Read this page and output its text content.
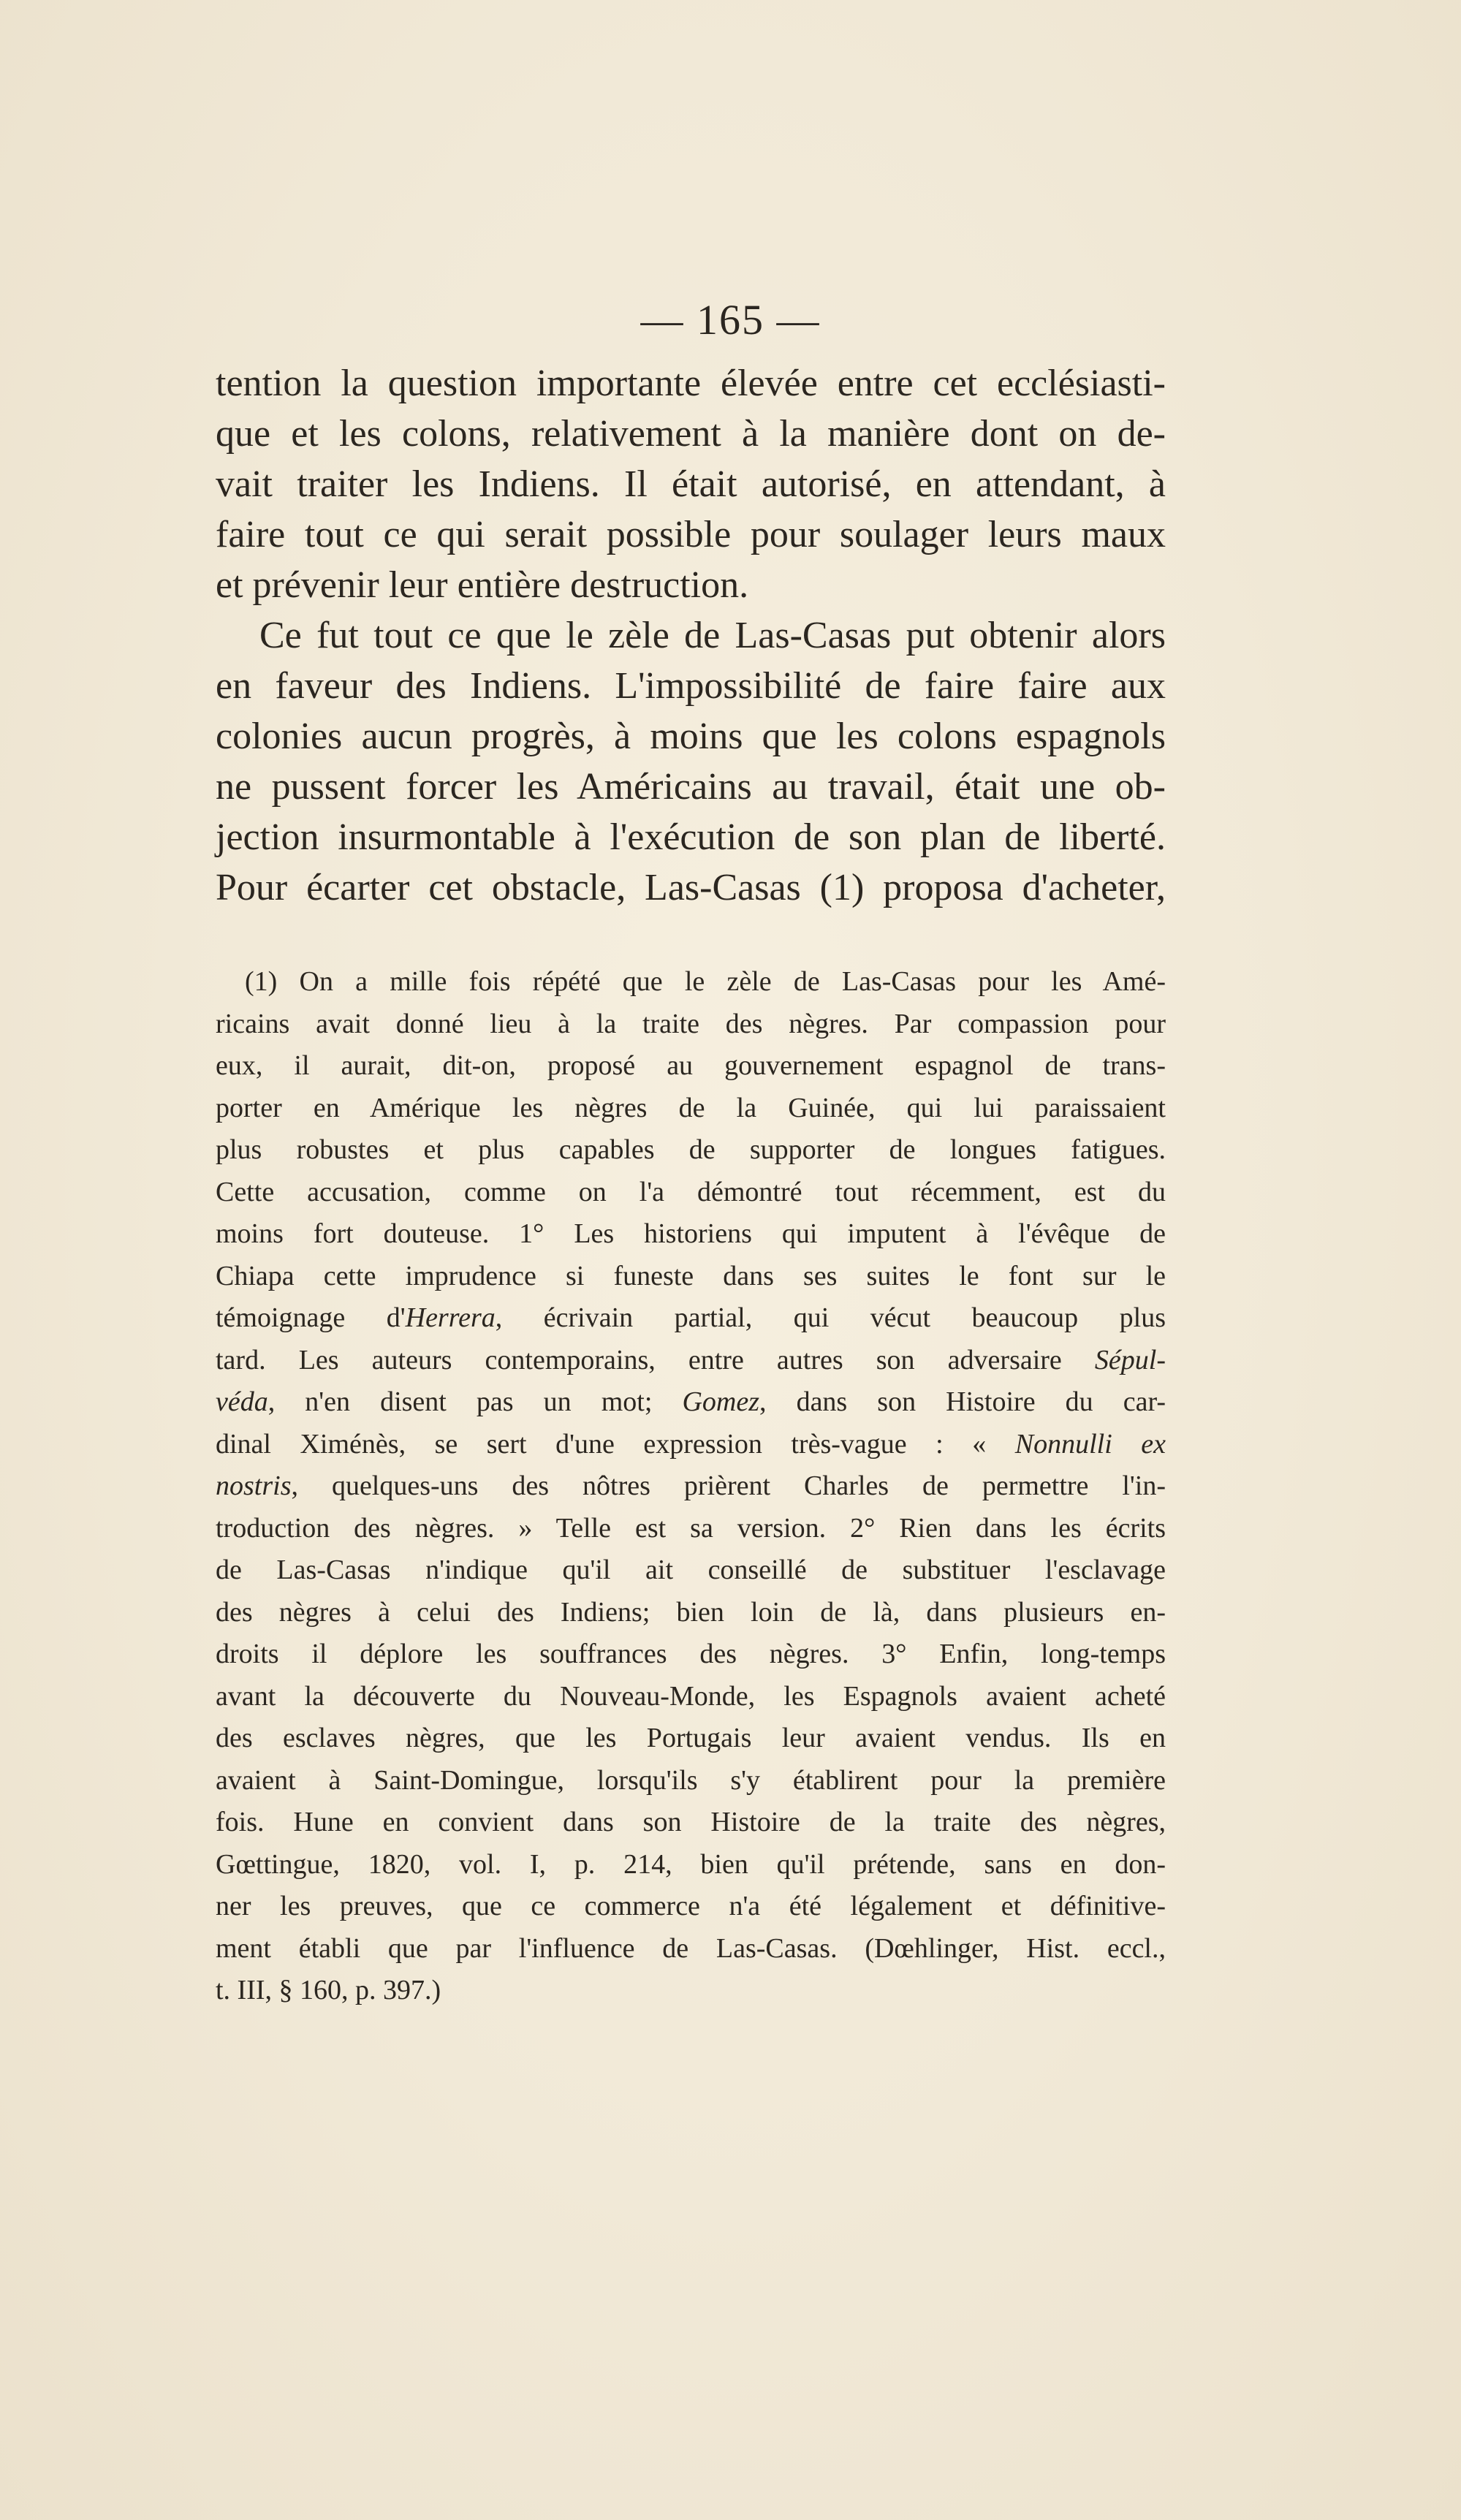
— 165 —
tention la question importante élevée entre cet ecclésiasti-
que et les colons, relativement à la manière dont on de-
vait traiter les Indiens. Il était autorisé, en attendant, à
faire tout ce qui serait possible pour soulager leurs maux
et prévenir leur entière destruction.
Ce fut tout ce que le zèle de Las-Casas put obtenir alors
en faveur des Indiens. L'impossibilité de faire faire aux
colonies aucun progrès, à moins que les colons espagnols
ne pussent forcer les Américains au travail, était une ob-
jection insurmontable à l'exécution de son plan de liberté.
Pour écarter cet obstacle, Las-Casas (1) proposa d'acheter,
(1) On a mille fois répété que le zèle de Las-Casas pour les Amé-
ricains avait donné lieu à la traite des nègres. Par compassion pour
eux, il aurait, dit-on, proposé au gouvernement espagnol de trans-
porter en Amérique les nègres de la Guinée, qui lui paraissaient
plus robustes et plus capables de supporter de longues fatigues.
Cette accusation, comme on l'a démontré tout récemment, est du
moins fort douteuse. 1° Les historiens qui imputent à l'évêque de
Chiapa cette imprudence si funeste dans ses suites le font sur le
témoignage d'Herrera, écrivain partial, qui vécut beaucoup plus
tard. Les auteurs contemporains, entre autres son adversaire Sépul-
véda, n'en disent pas un mot; Gomez, dans son Histoire du car-
dinal Ximénès, se sert d'une expression très-vague : « Nonnulli ex
nostris, quelques-uns des nôtres prièrent Charles de permettre l'in-
troduction des nègres. » Telle est sa version. 2° Rien dans les écrits
de Las-Casas n'indique qu'il ait conseillé de substituer l'esclavage
des nègres à celui des Indiens; bien loin de là, dans plusieurs en-
droits il déplore les souffrances des nègres. 3° Enfin, long-temps
avant la découverte du Nouveau-Monde, les Espagnols avaient acheté
des esclaves nègres, que les Portugais leur avaient vendus. Ils en
avaient à Saint-Domingue, lorsqu'ils s'y établirent pour la première
fois. Hune en convient dans son Histoire de la traite des nègres,
Gœttingue, 1820, vol. I, p. 214, bien qu'il prétende, sans en don-
ner les preuves, que ce commerce n'a été légalement et définitive-
ment établi que par l'influence de Las-Casas. (Dœhlinger, Hist. eccl.,
t. III, § 160, p. 397.)
